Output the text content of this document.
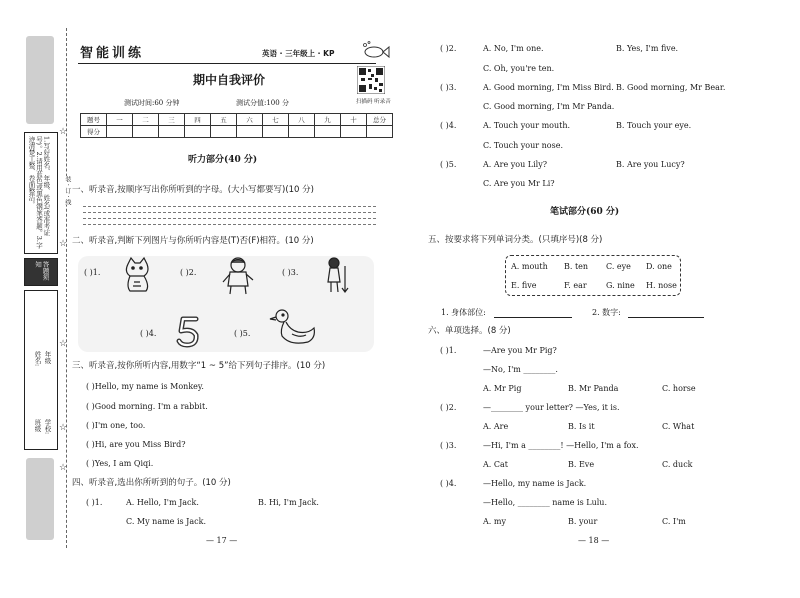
1.写好姓名、年级、姓名(或准考证号)。2.请用蓝色或黑色钢笔答题。3.字迹清楚工整、卷面整洁。
答题须知
年级
姓名:
学校:
班级
装 · 订 · 线
☆
☆
☆
☆
☆
智能训练	英语 · 三年级上 · KP
期中自我评价
测试时间:60 分钟	测试分值:100 分	扫描码 听录音
题号	一	二	三	四	五	六	七	八	九	十	总分
得分											
听力部分(40 分)
一、听录音,按顺序写出你所听到的字母。(大小写都要写)(10 分)
二、听录音,判断下列图片与你所听内容是(T)否(F)相符。(10 分)
( )1.	( )2.	( )3.
( )4.	( )5.
三、听录音,按你所听内容,用数字“1 ~ 5”给下列句子排序。(10 分)
( )Hello, my name is Monkey.
( )Good morning. I'm a rabbit.
( )I'm one, too.
( )Hi, are you Miss Bird?
( )Yes, I am Qiqi.
四、听录音,选出你所听到的句子。(10 分)
( )1.	A. Hello, I'm Jack.	B. Hi, I'm Jack.
C. My name is Jack.
— 17 —
( )2.	A. No, I'm one.	B. Yes, I'm five.
C. Oh, you're ten.
( )3.	A. Good morning, I'm Miss Bird. B. Good morning, Mr Bear.
C. Good morning, I'm Mr Panda.
( )4.	A. Touch your mouth.	B. Touch your eye.
C. Touch your nose.
( )5.	A. Are you Lily?	B. Are you Lucy?
C. Are you Mr Li?
笔试部分(60 分)
五、按要求将下列单词分类。(只填序号)(8 分)
A. mouth B. ten C. eye D. one
E. five	F. ear G. nine H. nose
1. 身体部位:	2. 数字:
六、单项选择。(8 分)
( )1.	—Are you Mr Pig?
—No, I'm ________.
A. Mr Pig	B. Mr Panda	C. horse
( )2.	—________ your letter? —Yes, it is.
A. Are	B. Is it	C. What
( )3.	—Hi, I'm a ________! —Hello, I'm a fox.
A. Cat	B. Eve	C. duck
( )4.	—Hello, my name is Jack.
—Hello, ________ name is Lulu.
A. my	B. your	C. I'm
— 18 —
